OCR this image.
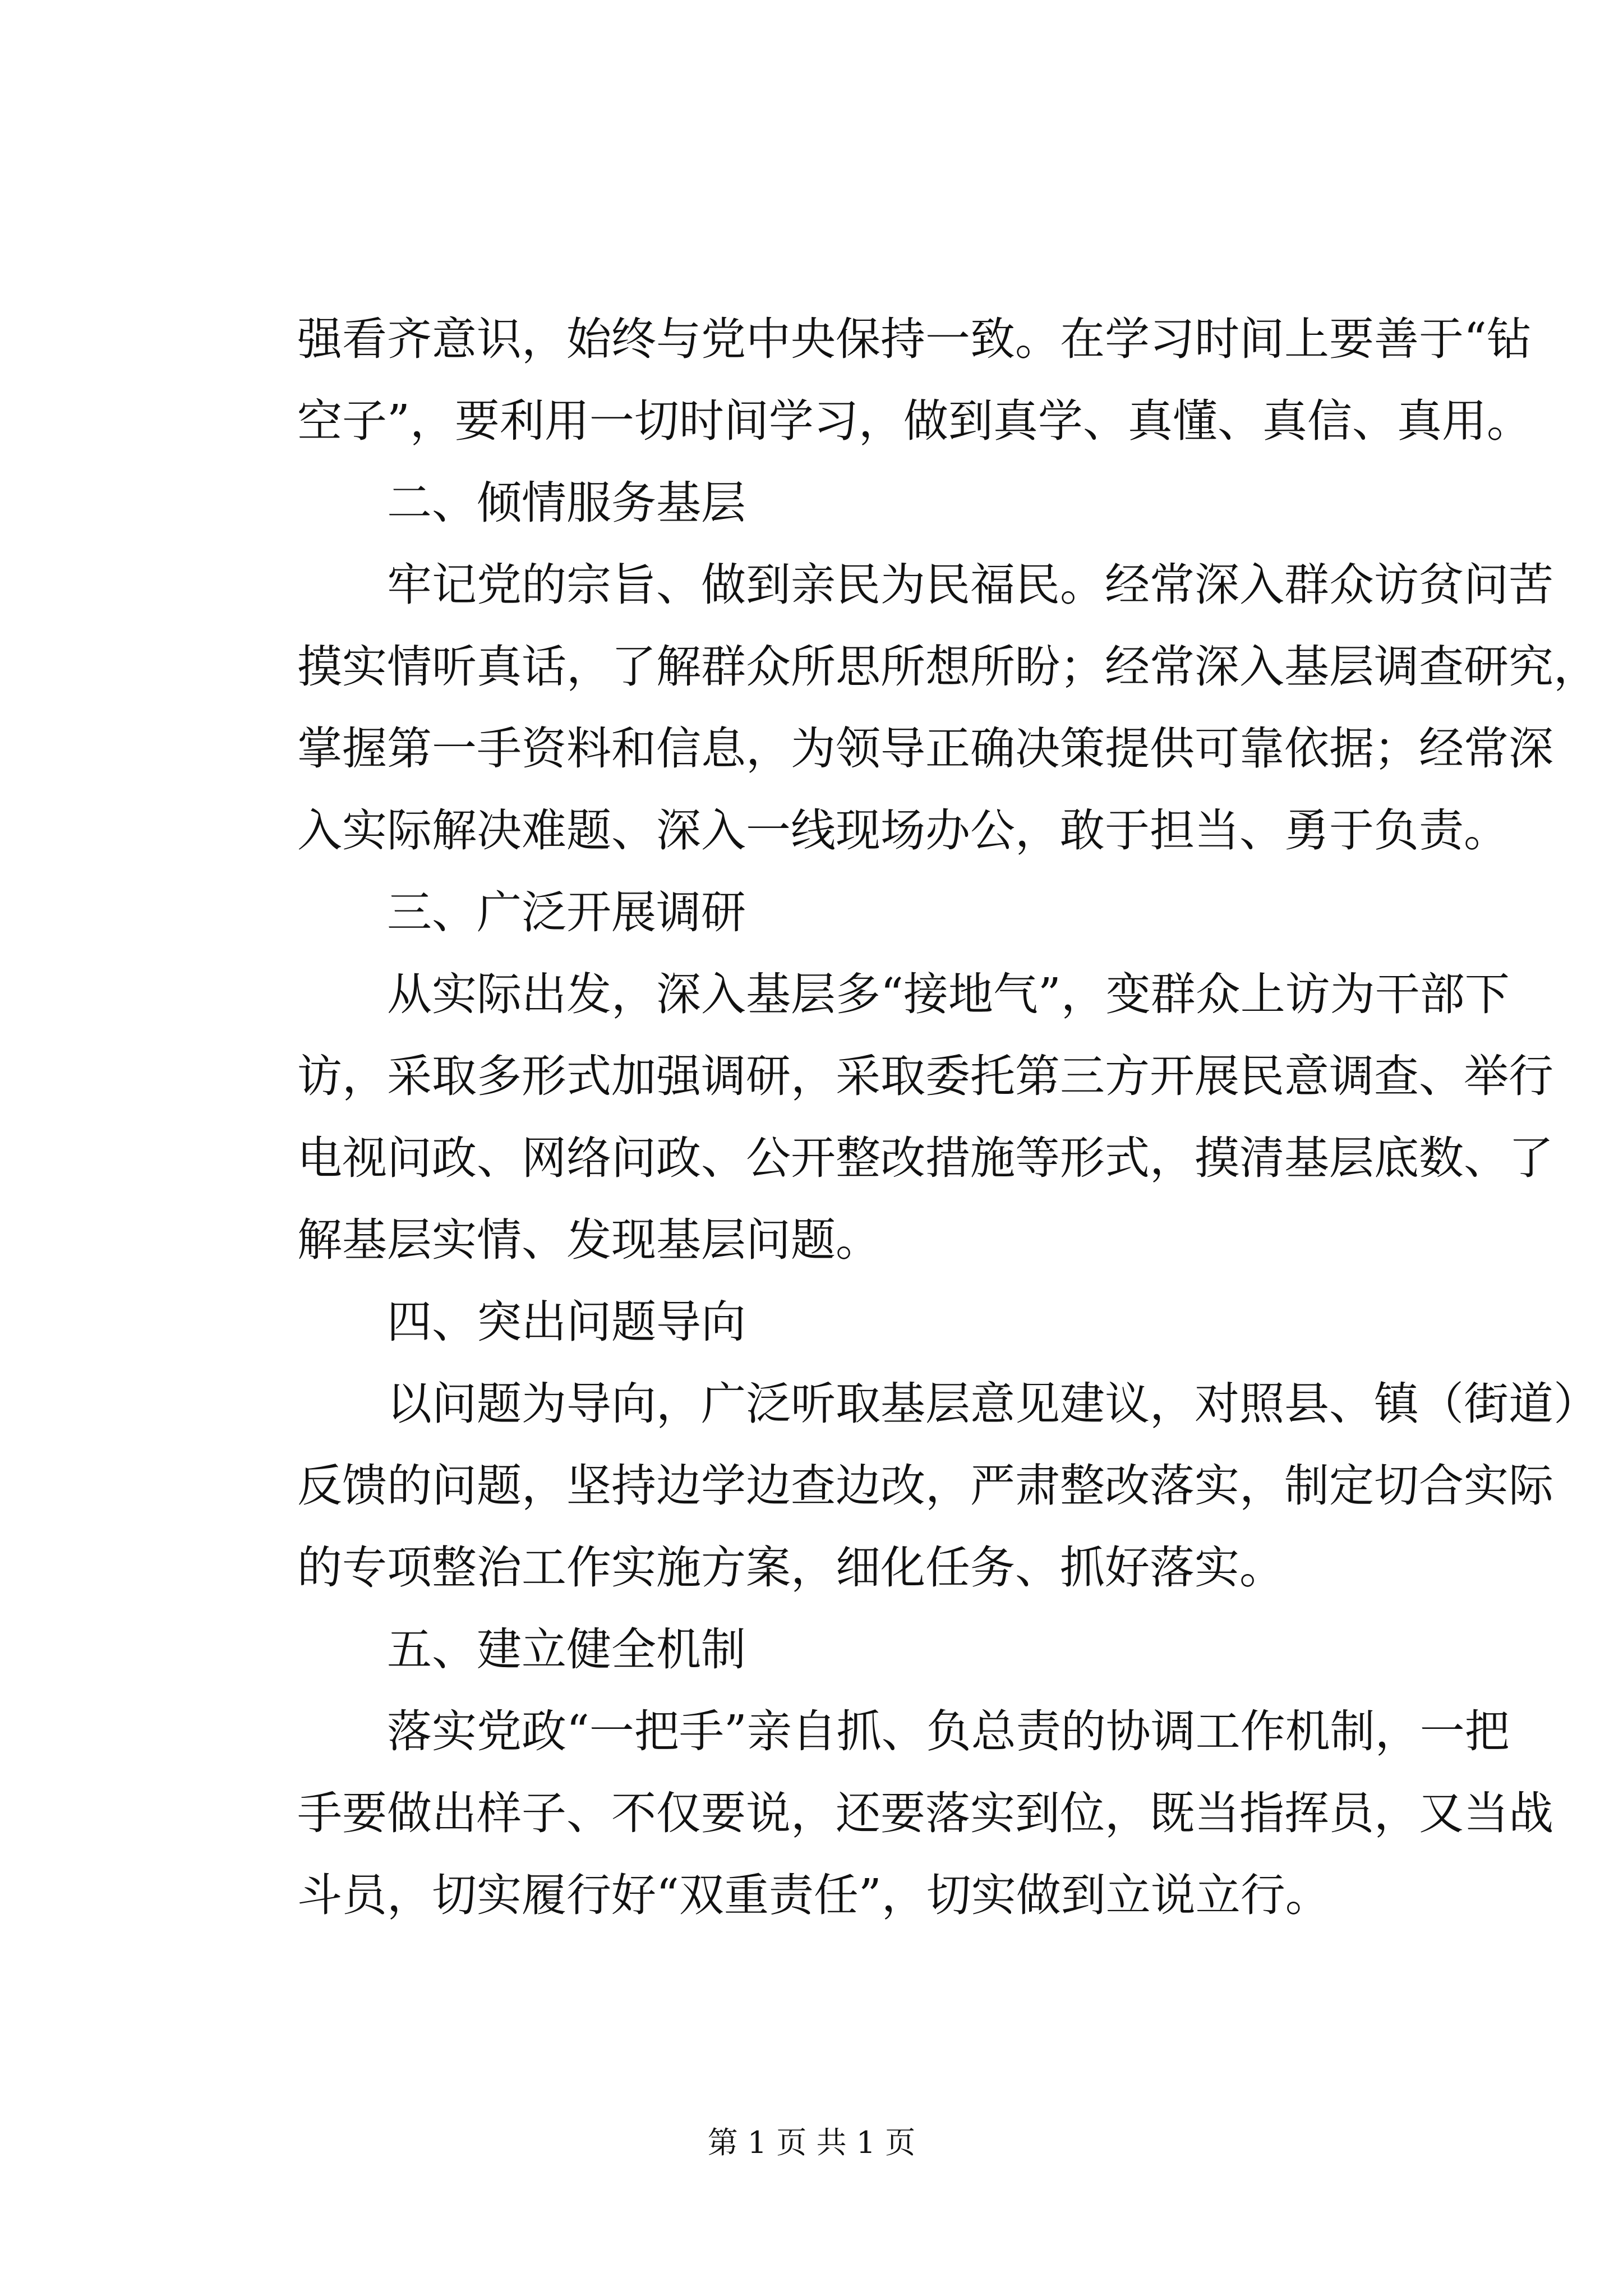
强看齐意识，始终与党中央保持一致。在学习时间上要善于“钻
空子”，要利用一切时间学习，做到真学、真懂、真信、真用。
二、倾情服务基层
牢记党的宗旨、做到亲民为民福民。经常深入群众访贫问苦
摸实情听真话，了解群众所思所想所盼；经常深入基层调查研究，
掌握第一手资料和信息，为领导正确决策提供可靠依据；经常深
入实际解决难题、深入一线现场办公，敢于担当、勇于负责。
三、广泛开展调研
从实际出发，深入基层多“接地气”，变群众上访为干部下
访，采取多形式加强调研，采取委托第三方开展民意调查、举行
电视问政、网络问政、公开整改措施等形式，摸清基层底数、了
解基层实情、发现基层问题。
四、突出问题导向
以问题为导向，广泛听取基层意见建议，对照县、镇（街道）
反馈的问题，坚持边学边查边改，严肃整改落实，制定切合实际
的专项整治工作实施方案，细化任务、抓好落实。
五、建立健全机制
落实党政“一把手”亲自抓、负总责的协调工作机制，一把
手要做出样子、不仅要说，还要落实到位，既当指挥员，又当战
斗员，切实履行好“双重责任”，切实做到立说立行。
第 1 页 共 1 页
